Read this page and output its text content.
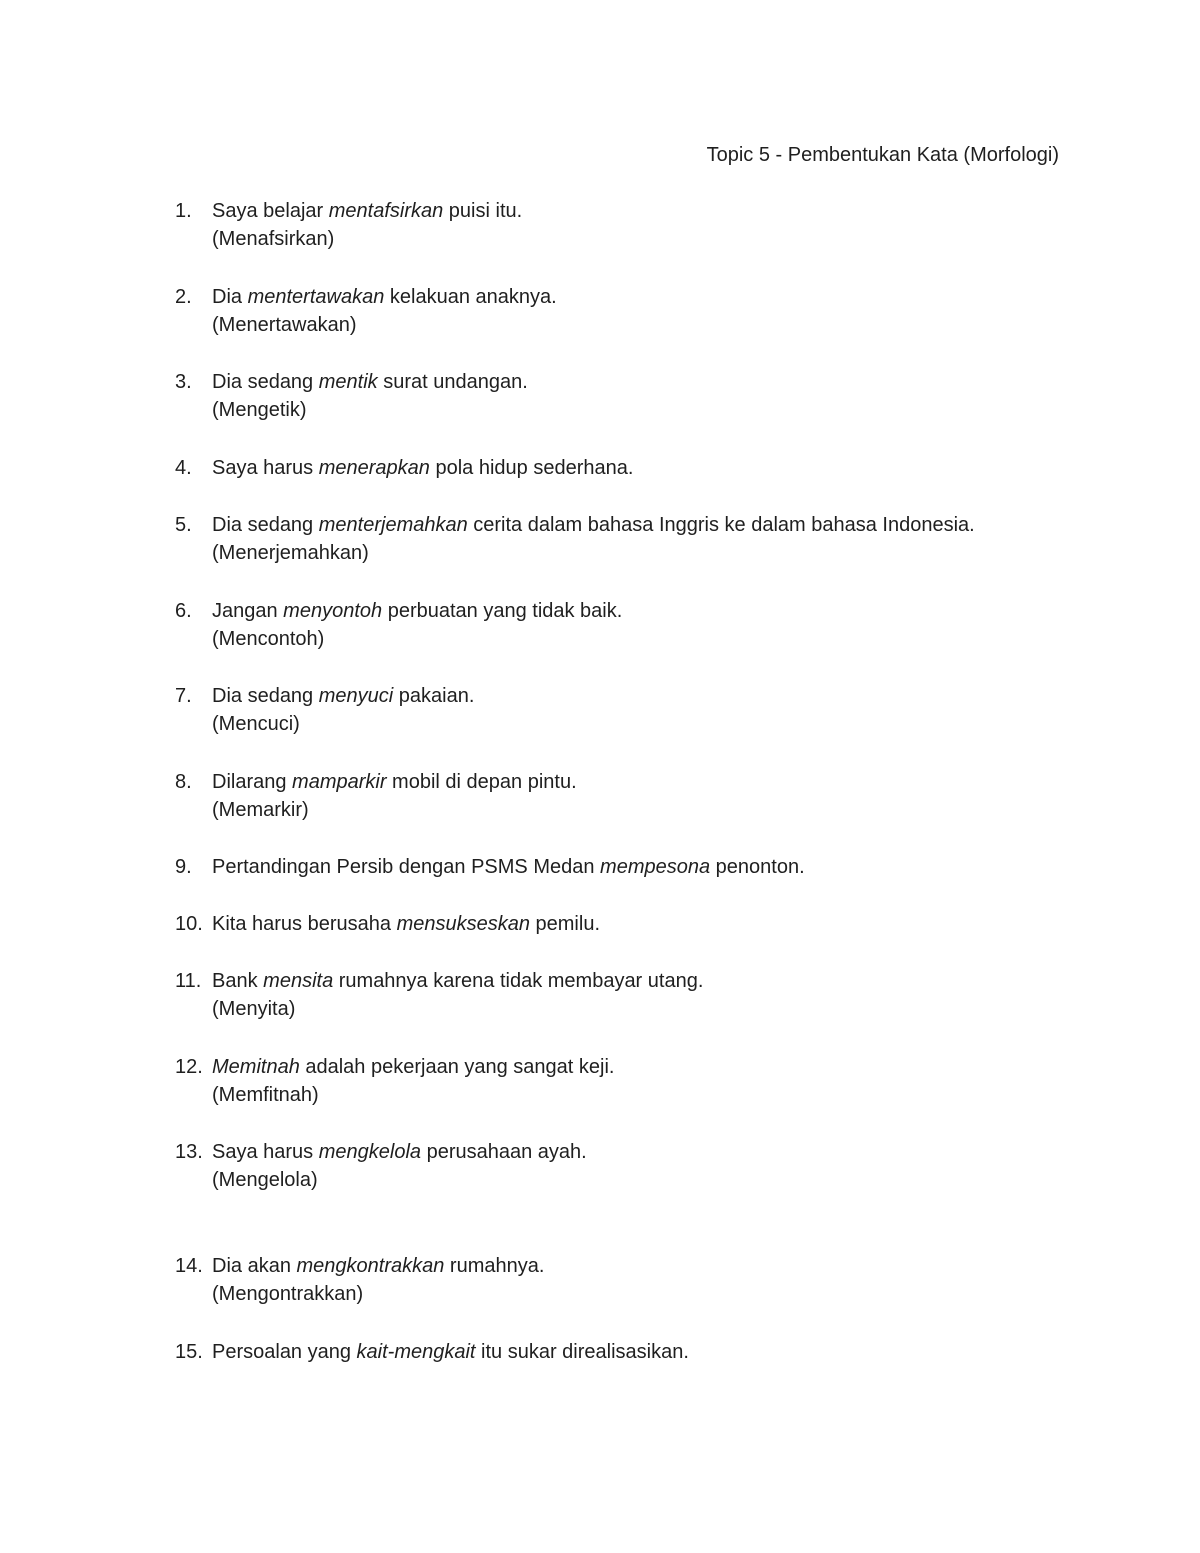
Topic 5 - Pembentukan Kata (Morfologi)
1. Saya belajar mentafsirkan puisi itu.
(Menafsirkan)
2. Dia mentertawakan kelakuan anaknya.
(Menertawakan)
3. Dia sedang mentik surat undangan.
(Mengetik)
4. Saya harus menerapkan pola hidup sederhana.
5. Dia sedang menterjemahkan cerita dalam bahasa Inggris ke dalam bahasa Indonesia.
(Menerjemahkan)
6. Jangan menyontoh perbuatan yang tidak baik.
(Mencontoh)
7. Dia sedang menyuci pakaian.
(Mencuci)
8. Dilarang mamparkir mobil di depan pintu.
(Memarkir)
9. Pertandingan Persib dengan PSMS Medan mempesona penonton.
10. Kita harus berusaha mensukseskan pemilu.
11. Bank mensita rumahnya karena tidak membayar utang.
(Menyita)
12. Memitnah adalah pekerjaan yang sangat keji.
(Memfitnah)
13. Saya harus mengkelola perusahaan ayah.
(Mengelola)
14. Dia akan mengkontrakkan rumahnya.
(Mengontrakkan)
15. Persoalan yang kait-mengkait itu sukar direalisasikan.
